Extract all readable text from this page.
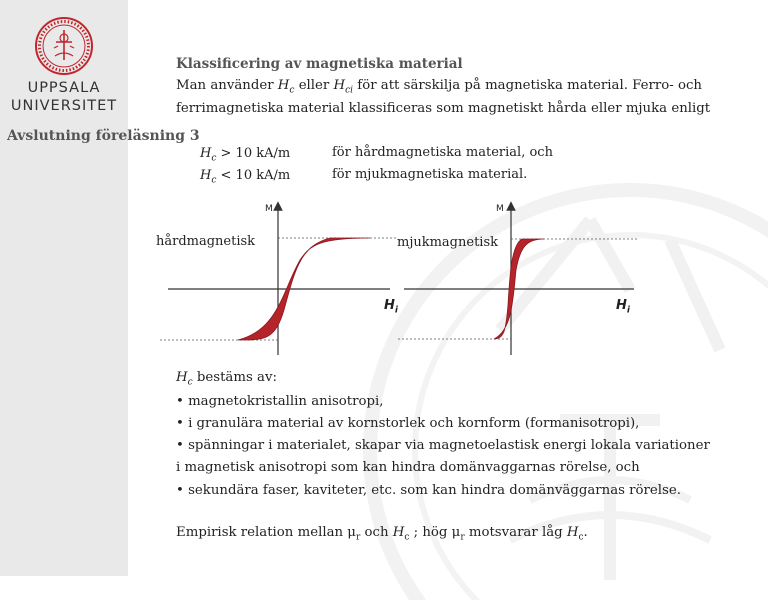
UPPSALA
UNIVERSITET
Avslutning föreläsning 3
Klassificering av magnetiska material
Man använder $H_c$ eller $H_{ci}$ för att särskilja på magnetiska material. Ferro- och
ferrimagnetiska material klassificeras som magnetiskt hårda eller mjuka enligt
$H_c > 10$ kA/m	för hårdmagnetiska material, och
$H_c < 10$ kA/m	för mjukmagnetiska material.
hårdmagnetisk
M
$H_i$
mjukmagnetisk
M
$H_i$
$H_c$ bestäms av:
• magnetokristallin anisotropi,
• i granulära material av kornstorlek och kornform (formanisotropi),
• spänningar i materialet, skapar via magnetoelastisk energi lokala variationer
i magnetisk anisotropi som kan hindra domänvaggarnas rörelse, och
• sekundära faser, kaviteter, etc. som kan hindra domänväggarnas rörelse.
Empirisk relation mellan $\mu_r$ och $H_c$ ; hög $\mu_r$ motsvarar låg $H_c$.
